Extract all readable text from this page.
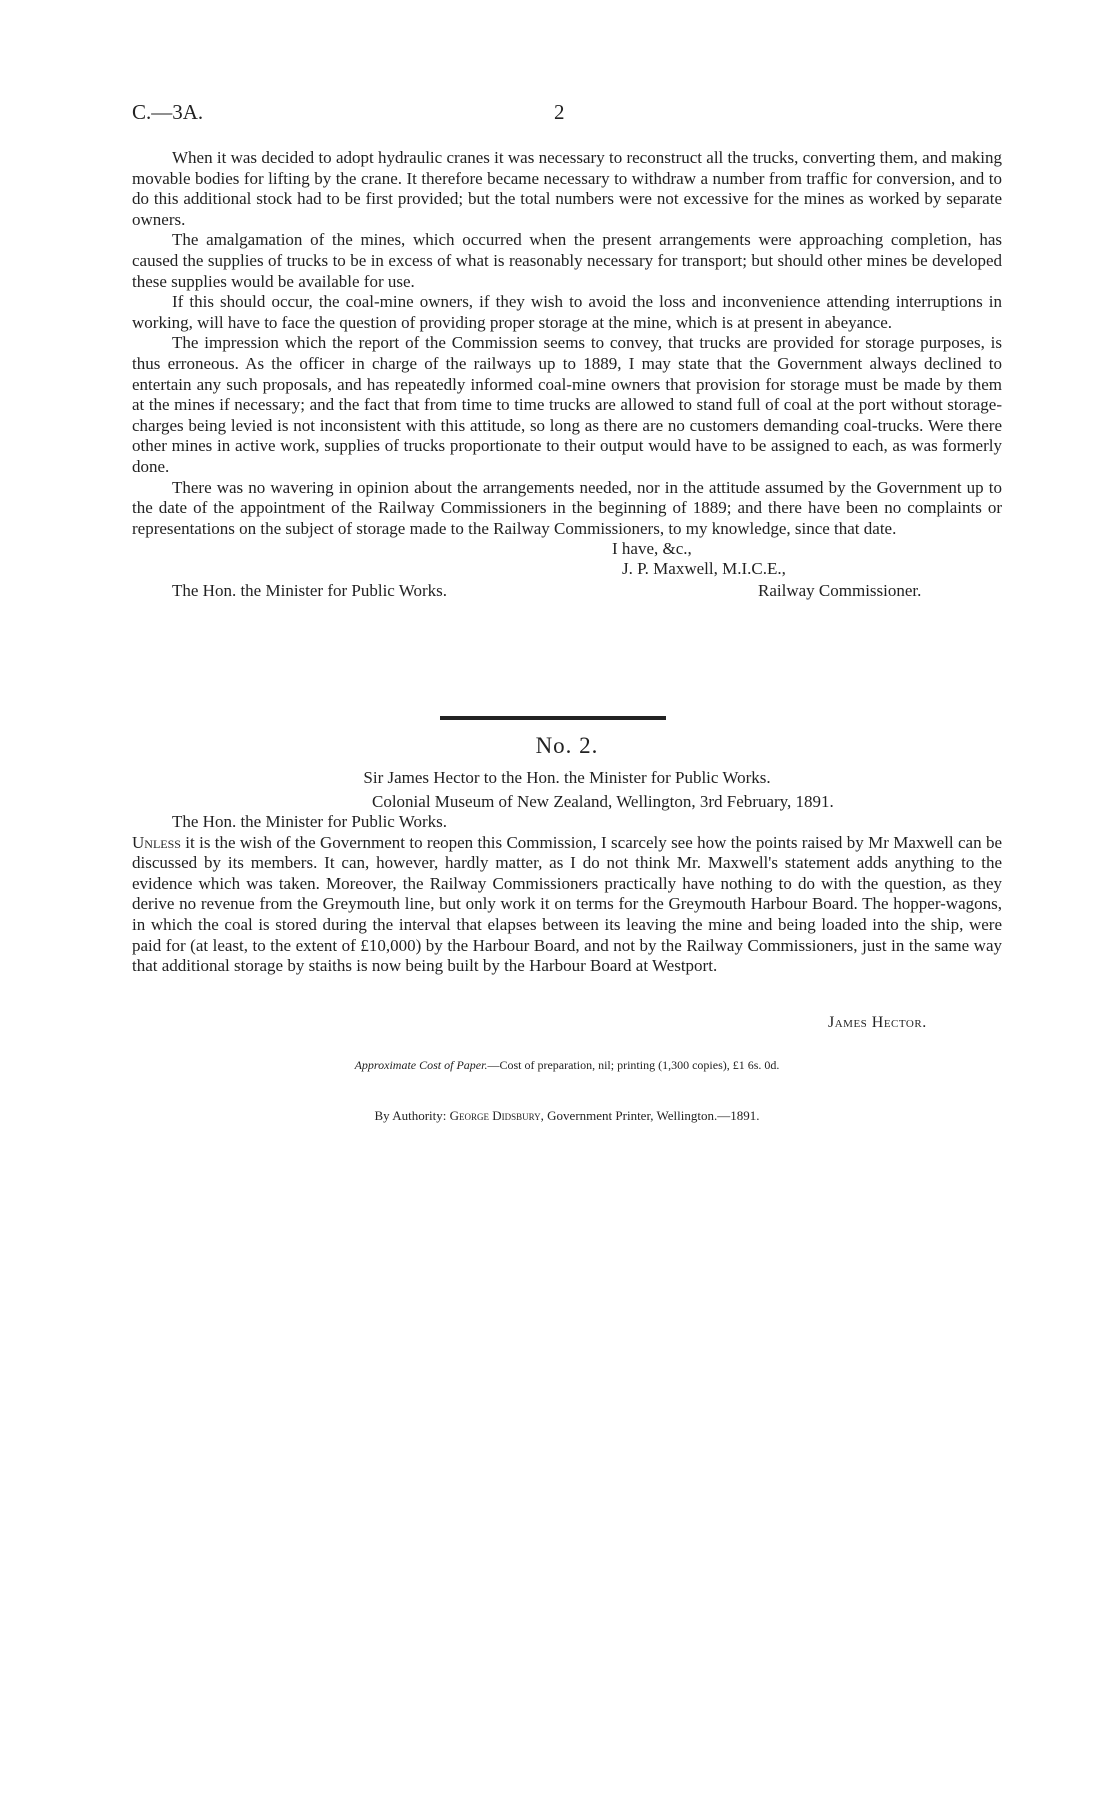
C.—3A.	2

When it was decided to adopt hydraulic cranes it was necessary to reconstruct all the trucks, converting them, and making movable bodies for lifting by the crane. It therefore became necessary to withdraw a number from traffic for conversion, and to do this additional stock had to be first provided; but the total numbers were not excessive for the mines as worked by separate owners.

The amalgamation of the mines, which occurred when the present arrangements were approaching completion, has caused the supplies of trucks to be in excess of what is reasonably necessary for transport; but should other mines be developed these supplies would be available for use.

If this should occur, the coal-mine owners, if they wish to avoid the loss and inconvenience attending interruptions in working, will have to face the question of providing proper storage at the mine, which is at present in abeyance.

The impression which the report of the Commission seems to convey, that trucks are provided for storage purposes, is thus erroneous. As the officer in charge of the railways up to 1889, I may state that the Government always declined to entertain any such proposals, and has repeatedly informed coal-mine owners that provision for storage must be made by them at the mines if necessary; and the fact that from time to time trucks are allowed to stand full of coal at the port without storage-charges being levied is not inconsistent with this attitude, so long as there are no customers demanding coal-trucks. Were there other mines in active work, supplies of trucks proportionate to their output would have to be assigned to each, as was formerly done.

There was no wavering in opinion about the arrangements needed, nor in the attitude assumed by the Government up to the date of the appointment of the Railway Commissioners in the beginning of 1889; and there have been no complaints or representations on the subject of storage made to the Railway Commissioners, to my knowledge, since that date.

I have, &c.,
J. P. Maxwell, M.I.C.E.,
The Hon. the Minister for Public Works.	Railway Commissioner.
No. 2.
Sir James Hector to the Hon. the Minister for Public Works.
Colonial Museum of New Zealand, Wellington, 3rd February, 1891.

The Hon. the Minister for Public Works.

Unless it is the wish of the Government to reopen this Commission, I scarcely see how the points raised by Mr Maxwell can be discussed by its members. It can, however, hardly matter, as I do not think Mr. Maxwell's statement adds anything to the evidence which was taken. Moreover, the Railway Commissioners practically have nothing to do with the question, as they derive no revenue from the Greymouth line, but only work it on terms for the Greymouth Harbour Board. The hopper-wagons, in which the coal is stored during the interval that elapses between its leaving the mine and being loaded into the ship, were paid for (at least, to the extent of £10,000) by the Harbour Board, and not by the Railway Commissioners, just in the same way that additional storage by staiths is now being built by the Harbour Board at Westport.

James Hector.
Approximate Cost of Paper.—Cost of preparation, nil; printing (1,300 copies), £1 6s. 0d.
By Authority: George Didsbury, Government Printer, Wellington.—1891.
